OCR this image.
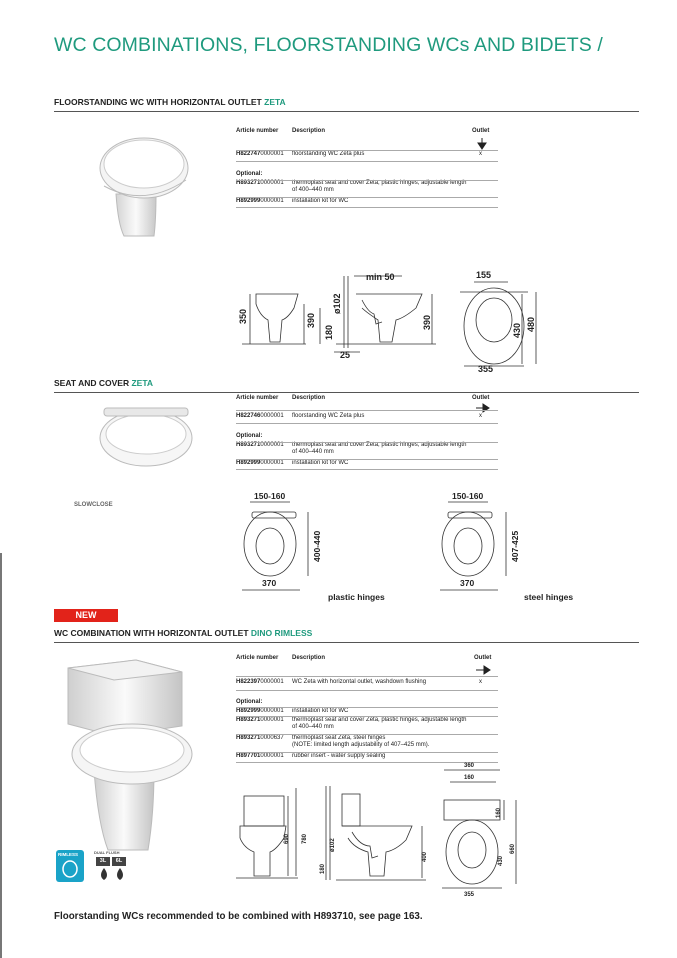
WC COMBINATIONS, FLOORSTANDING WCs AND BIDETS /
FLOORSTANDING WC WITH HORIZONTAL OUTLET ZETA
Article number Description	Outlet
H8227470000001	floorstanding WC Zeta plus	x
Optional:
H8932710000001	thermoplast seat and cover Zeta, plastic hinges, adjustable length
of 400–440 mm
H8929990000001	installation kit for WC
350	390
180
ø102
min 50
25
390
155
430 480
355
SEAT AND COVER ZETA
SLOWCLOSE
Article number Description	Outlet
H8227460000001	floorstanding WC Zeta plus	x
Optional:
H8932710000001	thermoplast seat and cover Zeta, plastic hinges, adjustable length
of 400–440 mm
H8929990000001	installation kit for WC
150-160
400-440
370
plastic hinges
150-160
407-425
370
steel hinges
NEW
WC COMBINATION WITH HORIZONTAL OUTLET DINO RIMLESS
RIMLESS	DUAL FLUSH
3L	6L
Article number Description	Outlet
H8223970000001	WC Zeta with horizontal outlet, washdown flushing	x
Optional:
H8929990000001	installation kit for WC
H8932710000001	thermoplast seat and cover Zeta, plastic hinges, adjustable length
of 400–440 mm
H8932710000637	thermoplast seat Zeta, steel hinges
(NOTE: limited length adjustability of 407–425 mm).
H8977010000001	rubber insert - water supply sealing
690 780	ø102
180
400
360
160
160
430
660
355
Floorstanding WCs recommended to be combined with H893710, see page 163.
